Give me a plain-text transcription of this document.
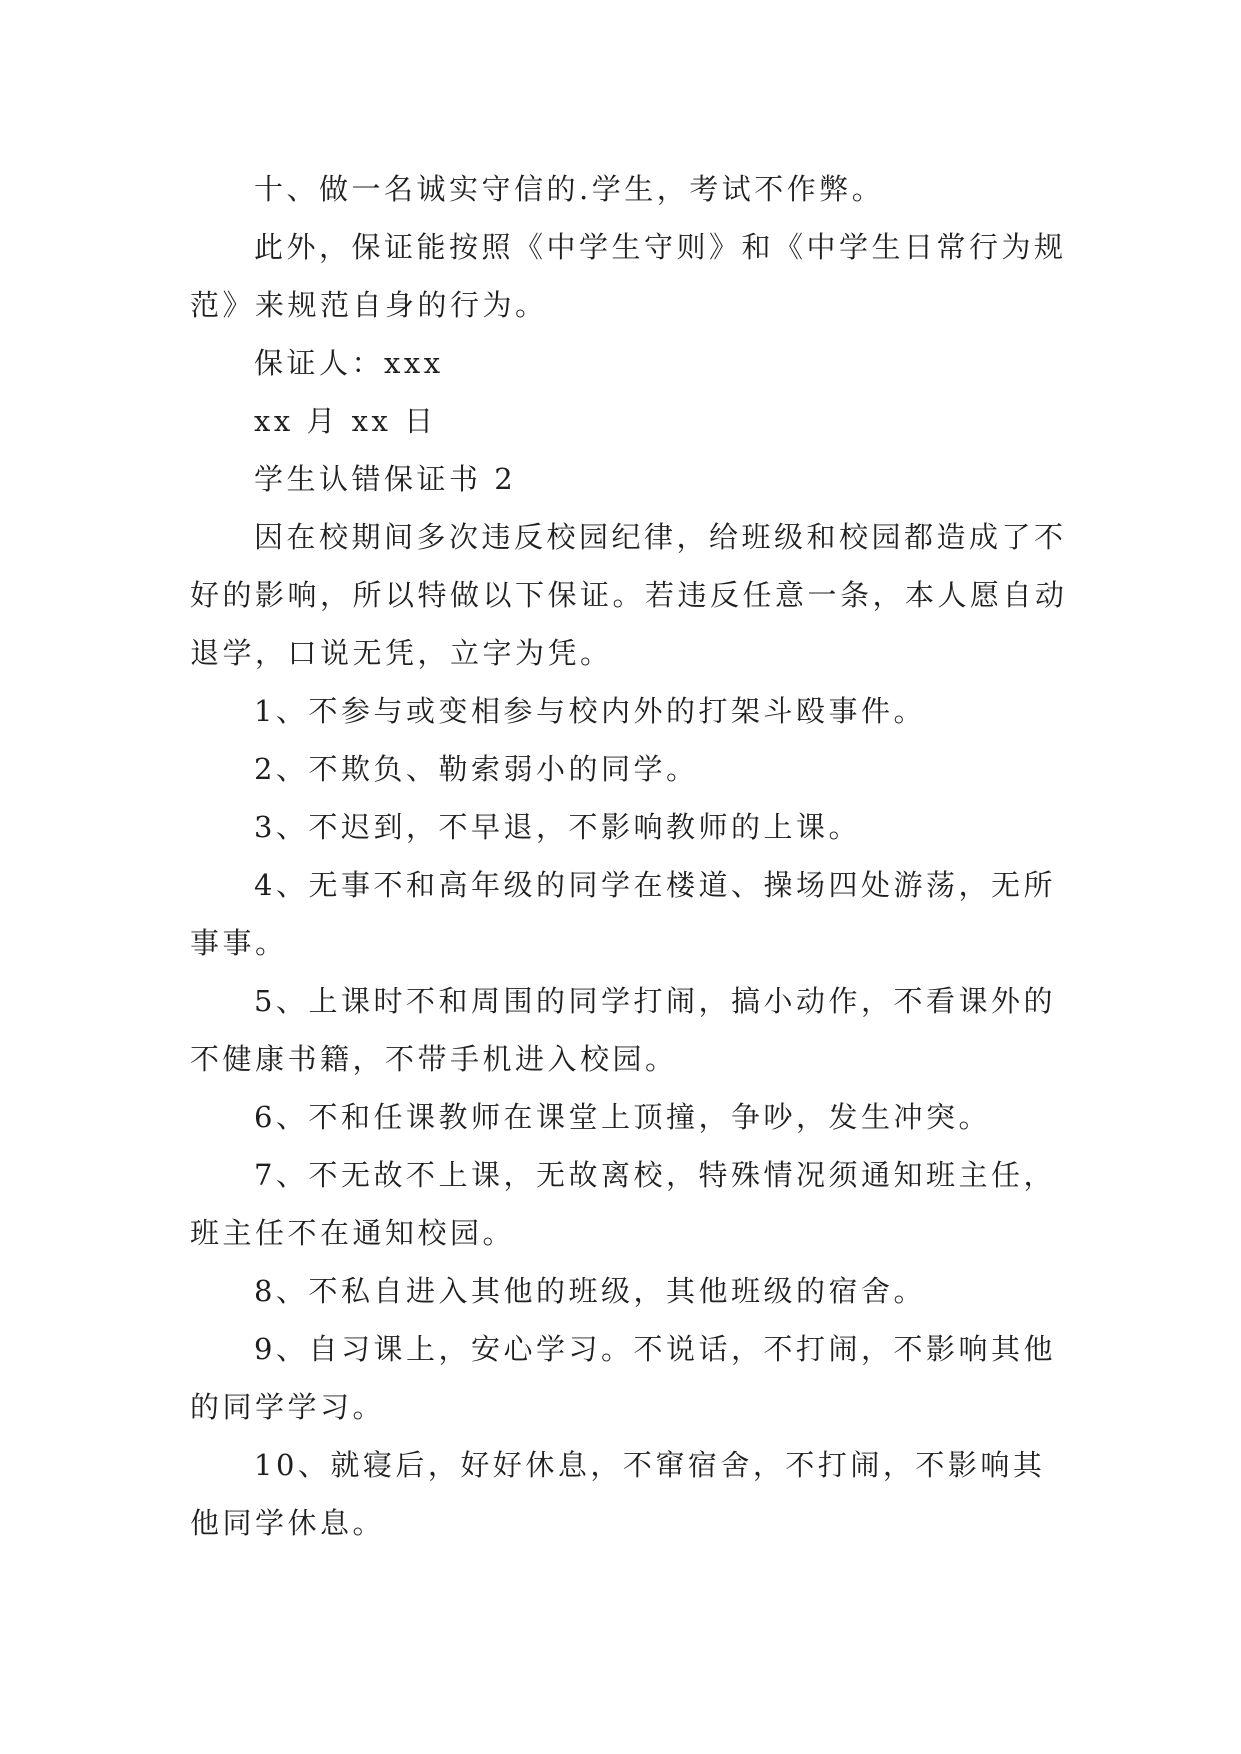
十、做一名诚实守信的.学生，考试不作弊。

此外，保证能按照《中学生守则》和《中学生日常行为规范》来规范自身的行为。

保证人：xxx

xx 月 xx 日

学生认错保证书 2

因在校期间多次违反校园纪律，给班级和校园都造成了不好的影响，所以特做以下保证。若违反任意一条，本人愿自动退学，口说无凭，立字为凭。

1、不参与或变相参与校内外的打架斗殴事件。

2、不欺负、勒索弱小的同学。

3、不迟到，不早退，不影响教师的上课。

4、无事不和高年级的同学在楼道、操场四处游荡，无所事事。

5、上课时不和周围的同学打闹，搞小动作，不看课外的不健康书籍，不带手机进入校园。

6、不和任课教师在课堂上顶撞，争吵，发生冲突。

7、不无故不上课，无故离校，特殊情况须通知班主任，班主任不在通知校园。

8、不私自进入其他的班级，其他班级的宿舍。

9、自习课上，安心学习。不说话，不打闹，不影响其他的同学学习。

10、就寝后，好好休息，不窜宿舍，不打闹，不影响其他同学休息。
